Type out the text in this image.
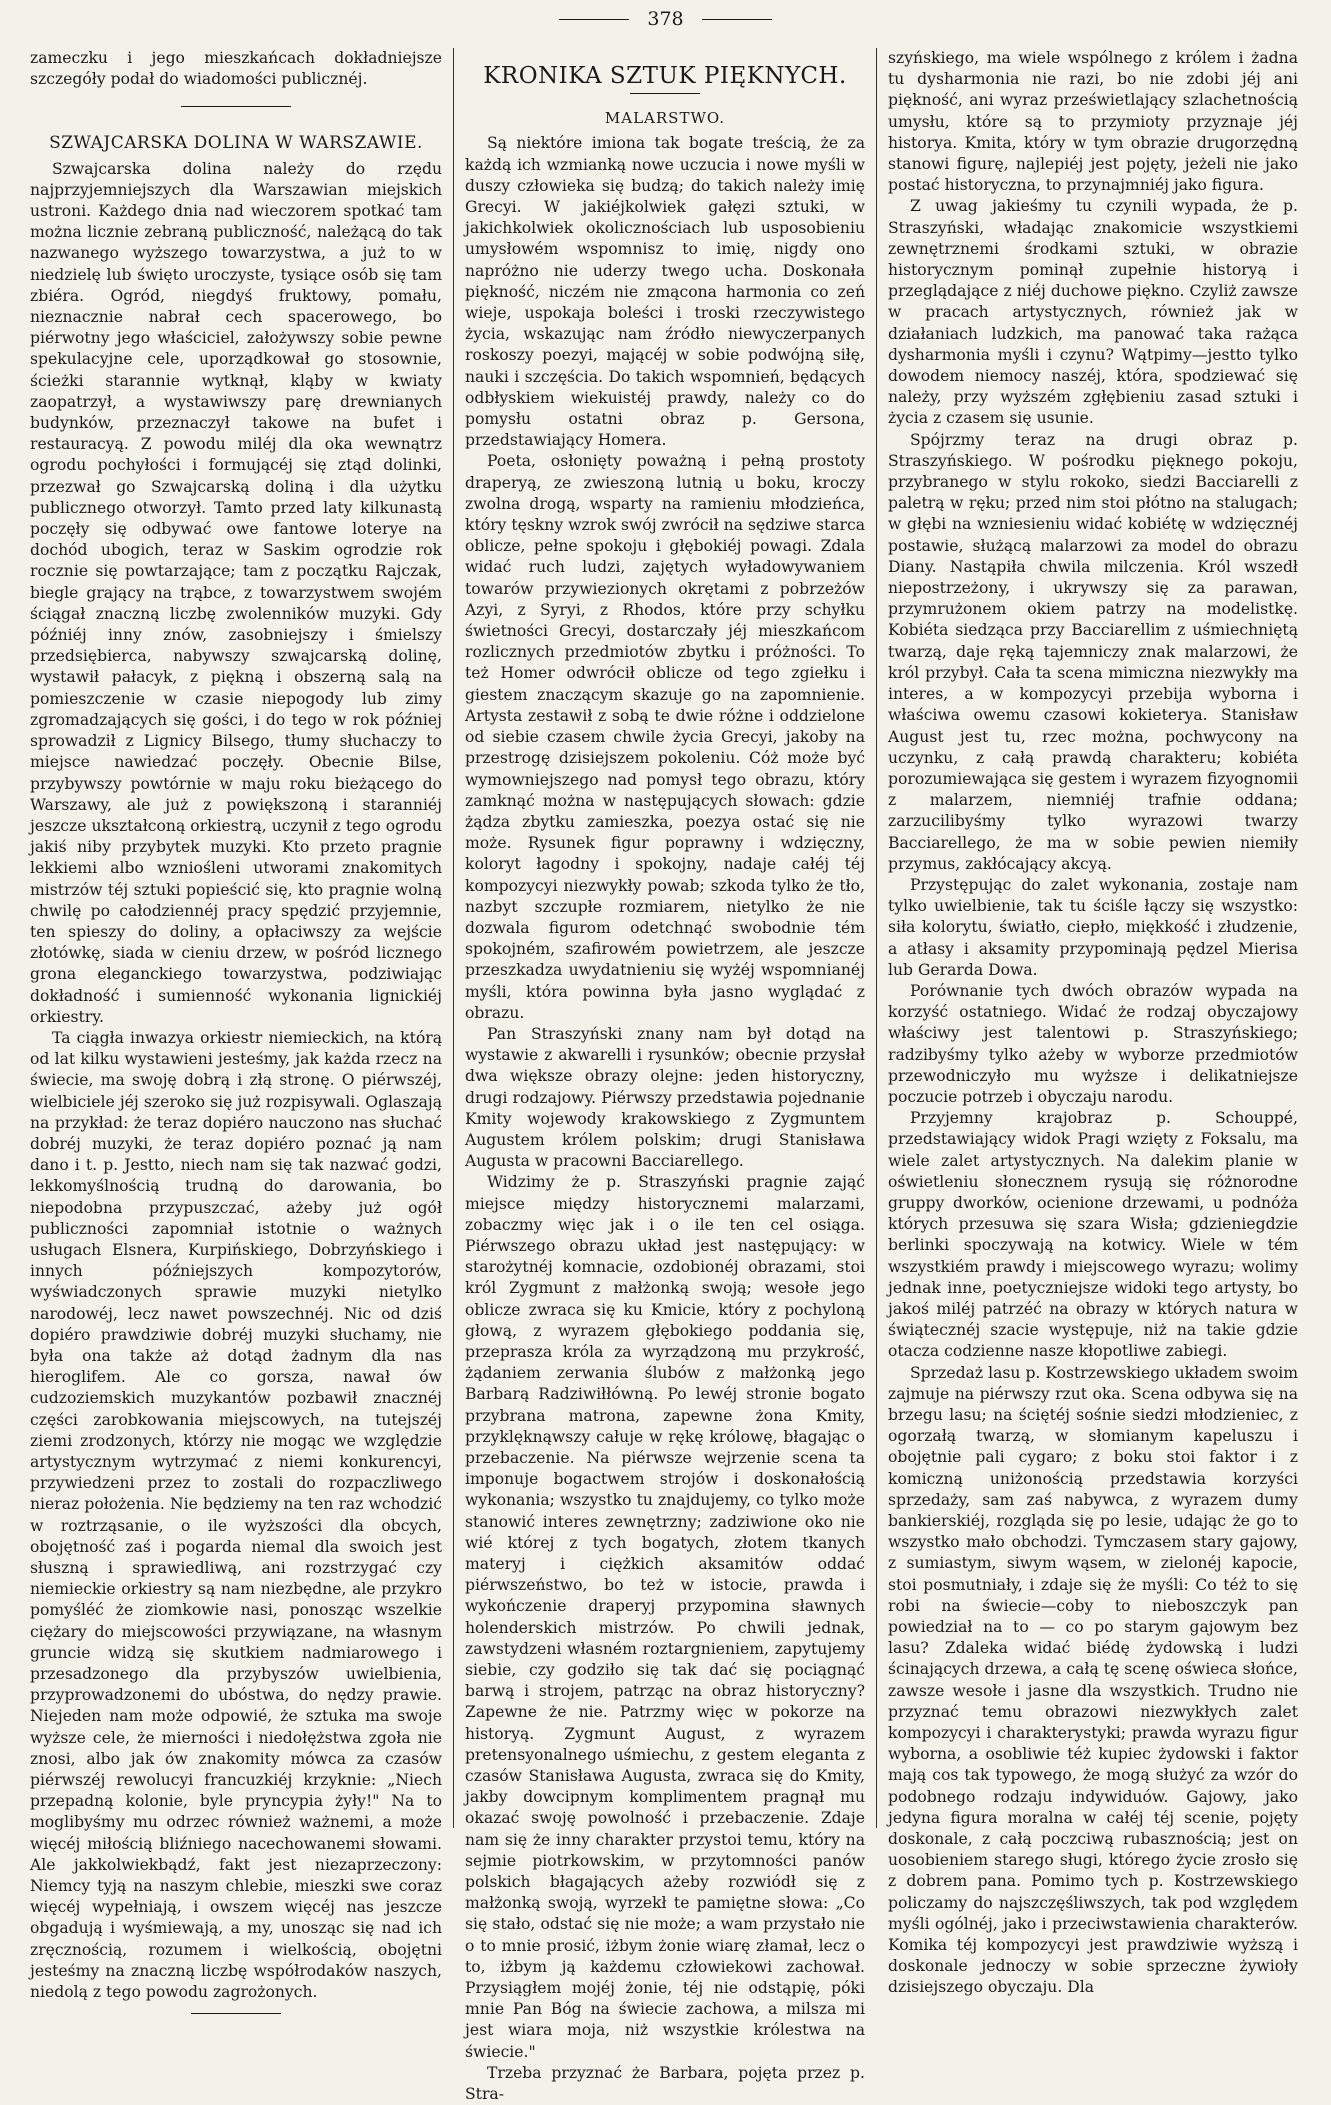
378

zameczku i jego mieszkańcach dokładniejsze szczegóły podał do wiadomości publicznéj.

SZWAJCARSKA DOLINA W WARSZAWIE.

Szwajcarska dolina należy do rzędu najprzyjemniejszych dla Warszawian miejskich ustroni. Każdego dnia nad wieczorem spotkać tam można licznie zebraną publiczność, należącą do tak nazwanego wyższego towarzystwa, a już to w niedzielę lub święto uroczyste, tysiące osób się tam zbiéra. Ogród, niegdyś fruktowy, pomału, nieznacznie nabrał cech spacerowego, bo piérwotny jego właściciel, założywszy sobie pewne spekulacyjne cele, uporządkował go stosownie, ścieżki starannie wytknął, kląby w kwiaty zaopatrzył, a wystawiwszy parę drewnianych budynków, przeznaczył takowe na bufet i restauracyą. Z powodu miléj dla oka wewnątrz ogrodu pochyłości i formującéj się ztąd dolinki, przezwał go Szwajcarską doliną i dla użytku publicznego otworzył. Tamto przed laty kilkunastą poczęły się odbywać owe fantowe loterye na dochód ubogich, teraz w Saskim ogrodzie rok rocznie się powtarzające; tam z początku Rajczak, biegle grający na trąbce, z towarzystwem swojém ściągał znaczną liczbę zwolenników muzyki. Gdy późniéj inny znów, zasobniejszy i śmielszy przedsiębierca, nabywszy szwajcarską dolinę, wystawił pałacyk, z piękną i obszerną salą na pomieszczenie w czasie niepogody lub zimy zgromadzających się gości, i do tego w rok później sprowadził z Lignicy Bilsego, tłumy słuchaczy to miejsce nawiedzać poczęły. Obecnie Bilse, przybywszy powtórnie w maju roku bieżącego do Warszawy, ale już z powiększoną i staranniéj jeszcze ukształconą orkiestrą, uczynił z tego ogrodu jakiś niby przybytek muzyki. Kto przeto pragnie lekkiemi albo wzniośleni utworami znakomitych mistrzów téj sztuki popieścić się, kto pragnie wolną chwilę po całodziennéj pracy spędzić przyjemnie, ten spieszy do doliny, a opłaciwszy za wejście złotówkę, siada w cieniu drzew, w pośród licznego grona eleganckiego towarzystwa, podziwiając dokładność i sumienność wykonania lignickiéj orkiestry.

Ta ciągła inwazya orkiestr niemieckich, na którą od lat kilku wystawieni jesteśmy, jak każda rzecz na świecie, ma swoję dobrą i złą stronę. O piérwszéj, wielbiciele jéj szeroko się już rozpisywali. Oglaszają na przykład: że teraz dopiéro nauczono nas słuchać dobréj muzyki, że teraz dopiéro poznać ją nam dano i t. p. Jestto, niech nam się tak nazwać godzi, lekkomyślnością trudną do darowania, bo niepodobna przypuszczać, ażeby już ogół publiczności zapomniał istotnie o ważnych usługach Elsnera, Kurpińskiego, Dobrzyńskiego i innych późniejszych kompozytorów, wyświadczonych sprawie muzyki nietylko narodowéj, lecz nawet powszechnéj. Nic od dziś dopiéro prawdziwie dobréj muzyki słuchamy, nie była ona także aż dotąd żadnym dla nas hieroglifem. Ale co gorsza, nawał ów cudzoziemskich muzykantów pozbawił znacznéj części zarobkowania miejscowych, na tutejszéj ziemi zrodzonych, którzy nie mogąc we względzie artystycznym wytrzymać z niemi konkurencyi, przywiedzeni przez to zostali do rozpaczliwego nieraz położenia. Nie będziemy na ten raz wchodzić w roztrząsanie, o ile wyższości dla obcych, obojętność zaś i pogarda niemal dla swoich jest słuszną i sprawiedliwą, ani rozstrzygać czy niemieckie orkiestry są nam niezbędne, ale przykro pomyśléć że ziomkowie nasi, ponosząc wszelkie ciężary do miejscowości przywiązane, na własnym gruncie widzą się skutkiem nadmiarowego i przesadzonego dla przybyszów uwielbienia, przyprowadzonemi do ubóstwa, do nędzy prawie. Niejeden nam może odpowié, że sztuka ma swoje wyższe cele, że mierności i niedołężstwa zgoła nie znosi, albo jak ów znakomity mówca za czasów piérwszéj rewolucyi francuzkiéj krzyknie: „Niech przepadną kolonie, byle pryncypia żyły!" Na to moglibyśmy mu odrzec również ważnemi, a może więcéj miłością bliźniego nacechowanemi słowami. Ale jakkolwiekbądź, fakt jest niezaprzeczony: Niemcy tyją na naszym chlebie, mieszki swe coraz więcéj wypełniają, i owszem więcéj nas jeszcze obgadują i wyśmiewają, a my, unosząc się nad ich zręcznością, rozumem i wielkością, obojętni jesteśmy na znaczną liczbę współrodaków naszych, niedolą z tego powodu zagrożonych.

KRONIKA SZTUK PIĘKNYCH.
MALARSTWO.

Są niektóre imiona tak bogate treścią, że za każdą ich wzmianką nowe uczucia i nowe myśli w duszy człowieka się budzą; do takich należy imię Grecyi. W jakiéjkolwiek gałęzi sztuki, w jakichkolwiek okolicznościach lub usposobieniu umysłowém wspomnisz to imię, nigdy ono napróżno nie uderzy twego ucha. Doskonała piękność, niczém nie zmącona harmonia co zeń wieje, uspokaja boleści i troski rzeczywistego życia, wskazując nam źródło niewyczerpanych roskoszy poezyi, mającéj w sobie podwójną siłę, nauki i szczęścia. Do takich wspomnień, będących odbłyskiem wiekuistéj prawdy, należy co do pomysłu ostatni obraz p. Gersona, przedstawiający Homera.

Poeta, osłonięty poważną i pełną prostoty draperyą, ze zwieszoną lutnią u boku, kroczy zwolna drogą, wsparty na ramieniu młodzieńca, który tęskny wzrok swój zwrócił na sędziwe starca oblicze, pełne spokoju i głębokiéj powagi. Zdala widać ruch ludzi, zajętych wyładowywaniem towarów przywiezionych okrętami z pobrzeżów Azyi, z Syryi, z Rhodos, które przy schyłku świetności Grecyi, dostarczały jéj mieszkańcom rozlicznych przedmiotów zbytku i próżności. To też Homer odwrócił oblicze od tego zgiełku i giestem znaczącym skazuje go na zapomnienie. Artysta zestawił z sobą te dwie różne i oddzielone od siebie czasem chwile życia Grecyi, jakoby na przestrogę dzisiejszem pokoleniu. Cóż może być wymowniejszego nad pomysł tego obrazu, który zamknąć można w następujących słowach: gdzie żądza zbytku zamieszka, poezya ostać się nie może. Rysunek figur poprawny i wdzięczny, koloryt łagodny i spokojny, nadaje całéj téj kompozycyi niezwykły powab; szkoda tylko że tło, nazbyt szczupłe rozmiarem, nietylko że nie dozwala figurom odetchnąć swobodnie tém spokojném, szafirowém powietrzem, ale jeszcze przeszkadza uwydatnieniu się wyżéj wspomnianéj myśli, która powinna była jasno wyglądać z obrazu.

Pan Straszyński znany nam był dotąd na wystawie z akwarelli i rysunków; obecnie przysłał dwa większe obrazy olejne: jeden historyczny, drugi rodzajowy. Piérwszy przedstawia pojednanie Kmity wojewody krakowskiego z Zygmuntem Augustem królem polskim; drugi Stanisława Augusta w pracowni Bacciarellego.

Widzimy że p. Straszyński pragnie zająć miejsce między historycznemi malarzami, zobaczmy więc jak i o ile ten cel osiąga. Piérwszego obrazu układ jest następujący: w starożytnéj komnacie, ozdobionéj obrazami, stoi król Zygmunt z małżonką swoją; wesołe jego oblicze zwraca się ku Kmicie, który z pochyloną głową, z wyrazem głębokiego poddania się, przeprasza króla za wyrządzoną mu przykrość, żądaniem zerwania ślubów z małżonką jego Barbarą Radziwiłłówną. Po lewéj stronie bogato przybrana matrona, zapewne żona Kmity, przyklęknąwszy całuje w rękę królowę, błagając o przebaczenie. Na piérwsze wejrzenie scena ta imponuje bogactwem strojów i doskonałością wykonania; wszystko tu znajdujemy, co tylko może stanowić interes zewnętrzny; zadziwione oko nie wié której z tych bogatych, złotem tkanych materyj i ciężkich aksamitów oddać piérwszeństwo, bo też w istocie, prawda i wykończenie draperyj przypomina sławnych holenderskich mistrzów. Po chwili jednak, zawstydzeni własném roztargnieniem, zapytujemy siebie, czy godziło się tak dać się pociągnąć barwą i strojem, patrząc na obraz historyczny? Zapewne że nie. Patrzmy więc w pokorze na historyą. Zygmunt August, z wyrazem pretensyonalnego uśmiechu, z gestem eleganta z czasów Stanisława Augusta, zwraca się do Kmity, jakby dowcipnym komplimentem pragnął mu okazać swoję powolność i przebaczenie. Zdaje nam się że inny charakter przystoi temu, który na sejmie piotrkowskim, w przytomności panów polskich błagających ażeby rozwiódł się z małżonką swoją, wyrzekł te pamiętne słowa: „Co się stało, odstać się nie może; a wam przystało nie o to mnie prosić, iżbym żonie wiarę złamał, lecz o to, iżbym ją każdemu człowiekowi zachował. Przysiągłem mojéj żonie, téj nie odstąpię, póki mnie Pan Bóg na świecie zachowa, a milsza mi jest wiara moja, niż wszystkie królestwa na świecie."

Trzeba przyznać że Barbara, pojęta przez p. Stra-

szyńskiego, ma wiele wspólnego z królem i żadna tu dysharmonia nie razi, bo nie zdobi jéj ani piękność, ani wyraz prześwietlający szlachetnością umysłu, które są to przymioty przyznaje jéj historya. Kmita, który w tym obrazie drugorzędną stanowi figurę, najlepiéj jest pojęty, jeżeli nie jako postać historyczna, to przynajmniéj jako figura.

Z uwag jakieśmy tu czynili wypada, że p. Straszyński, władając znakomicie wszystkiemi zewnętrznemi środkami sztuki, w obrazie historycznym pominął zupełnie historyą i przeglądające z niéj duchowe piękno. Czyliż zawsze w pracach artystycznych, również jak w działaniach ludzkich, ma panować taka rażąca dysharmonia myśli i czynu? Wątpimy—jestto tylko dowodem niemocy naszéj, która, spodziewać się należy, przy wyższém zgłębieniu zasad sztuki i życia z czasem się usunie.

Spójrzmy teraz na drugi obraz p. Straszyńskiego. W pośrodku pięknego pokoju, przybranego w stylu rokoko, siedzi Bacciarelli z paletrą w ręku; przed nim stoi płótno na stalugach; w głębi na wzniesieniu widać kobiétę w wdzięcznéj postawie, służącą malarzowi za model do obrazu Diany. Nastąpiła chwila milczenia. Król wszedł niepostrzeżony, i ukrywszy się za parawan, przymrużonem okiem patrzy na modelistkę. Kobiéta siedząca przy Bacciarellim z uśmiechniętą twarzą, daje ręką tajemniczy znak malarzowi, że król przybył. Cała ta scena mimiczna niezwykły ma interes, a w kompozycyi przebija wyborna i właściwa owemu czasowi kokieterya. Stanisław August jest tu, rzec można, pochwycony na uczynku, z całą prawdą charakteru; kobiéta porozumiewająca się gestem i wyrazem fizyognomii z malarzem, niemniéj trafnie oddana; zarzucilibyśmy tylko wyrazowi twarzy Bacciarellego, że ma w sobie pewien niemiły przymus, zakłócający akcyą.

Przystępując do zalet wykonania, zostaje nam tylko uwielbienie, tak tu ściśle łączy się wszystko: siła kolorytu, światło, ciepło, miękkość i złudzenie, a atłasy i aksamity przypominają pędzel Mierisa lub Gerarda Dowa.

Porównanie tych dwóch obrazów wypada na korzyść ostatniego. Widać że rodzaj obyczajowy właściwy jest talentowi p. Straszyńskiego; radzibyśmy tylko ażeby w wyborze przedmiotów przewodniczyło mu wyższe i delikatniejsze poczucie potrzeb i obyczaju narodu.

Przyjemny krajobraz p. Schouppé, przedstawiający widok Pragi wzięty z Foksalu, ma wiele zalet artystycznych. Na dalekim planie w oświetleniu słonecznem rysują się różnorodne gruppy dworków, ocienione drzewami, u podnóża których przesuwa się szara Wisła; gdzieniegdzie berlinki spoczywają na kotwicy. Wiele w tém wszystkiém prawdy i miejscowego wyrazu; wolimy jednak inne, poetyczniejsze widoki tego artysty, bo jakoś miléj patrzéć na obrazy w których natura w świątecznéj szacie występuje, niż na takie gdzie otacza codzienne nasze kłopotliwe zabiegi.

Sprzedaż lasu p. Kostrzewskiego układem swoim zajmuje na piérwszy rzut oka. Scena odbywa się na brzegu lasu; na ściętéj sośnie siedzi młodzieniec, z ogorzałą twarzą, w słomianym kapeluszu i obojętnie pali cygaro; z boku stoi faktor i z komiczną uniżonością przedstawia korzyści sprzedaży, sam zaś nabywca, z wyrazem dumy bankierskiéj, rozgląda się po lesie, udając że go to wszystko mało obchodzi. Tymczasem stary gajowy, z sumiastym, siwym wąsem, w zielonéj kapocie, stoi posmutniały, i zdaje się że myśli: Co téż to się robi na świecie—coby to nieboszczyk pan powiedział na to — co po starym gajowym bez lasu? Zdaleka widać biédę żydowską i ludzi ścinających drzewa, a całą tę scenę oświeca słońce, zawsze wesołe i jasne dla wszystkich. Trudno nie przyznać temu obrazowi niezwykłych zalet kompozycyi i charakterystyki; prawda wyrazu figur wyborna, a osobliwie téż kupiec żydowski i faktor mają cos tak typowego, że mogą służyć za wzór do podobnego rodzaju indywiduów. Gajowy, jako jedyna figura moralna w całéj téj scenie, pojęty doskonale, z całą poczciwą rubasznością; jest on uosobieniem starego sługi, którego życie zrosło się z dobrem pana. Pomimo tych p. Kostrzewskiego policzamy do najszczęśliwszych, tak pod względem myśli ogólnéj, jako i przeciwstawienia charakterów. Komika téj kompozycyi jest prawdziwie wyższą i doskonale jednoczy w sobie sprzeczne żywioły dzisiejszego obyczaju. Dla
